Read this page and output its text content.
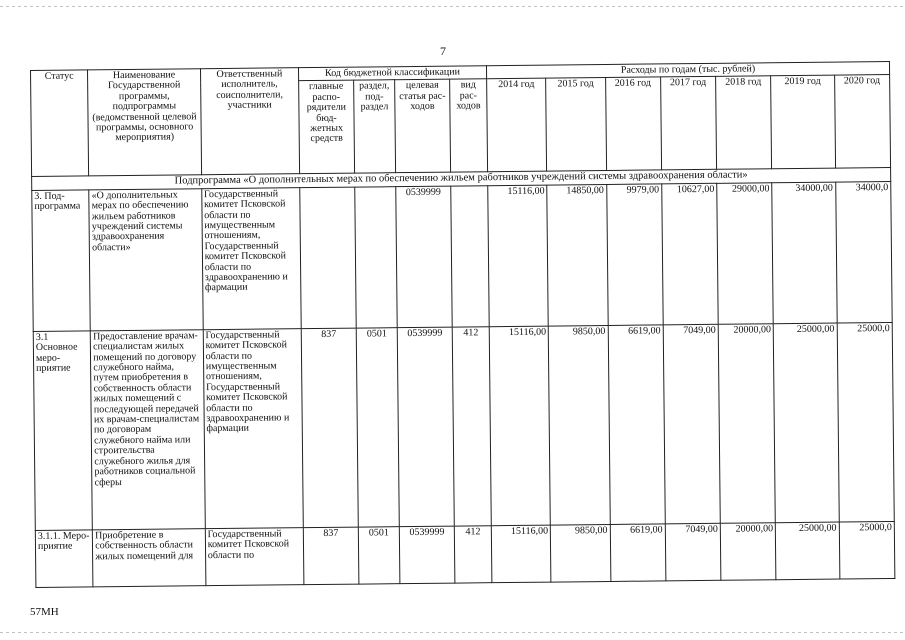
7
Статус	Наименование Государственной программы, подпрограммы (ведомственной целевой программы, основного мероприятия)	Ответственный исполнитель, соисполнители, участники	Код бюджетной классификации				Расходы по годам (тыс. рублей)						
			главные распо-рядители бюд-жетных средств	раздел, под-раздел	целевая статья рас-ходов	вид рас-ходов	2014 год	2015 год	2016 год	2017 год	2018 год	2019 год	2020 год
Подпрограмма «О дополнительных мерах по обеспечению жильем работников учреждений системы здравоохранения области»													
3. Под-программа	«О дополнительных мерах по обеспечению жильем работников учреждений системы здравоохранения области»	Государственный комитет Псковской области по имущественным отношениям, Государственный комитет Псковской области по здравоохранению и фармации			0539999		15116,00	14850,00	9979,00	10627,00	29000,00	34000,00	34000,0
3.1 Основное меро-приятие	Предоставление врачам-специалистам жилых помещений по договору служебного найма, путем приобретения в собственность области жилых помещений с последующей передачей их врачам-специалистам по договорам служебного найма или строительства служебного жилья для работников социальной сферы	Государственный комитет Псковской области по имущественным отношениям, Государственный комитет Псковской области по здравоохранению и фармации	837	0501	0539999	412	15116,00	9850,00	6619,00	7049,00	20000,00	25000,00	25000,0
3.1.1. Меро-приятие	Приобретение в собственность области жилых помещений для	Государственный комитет Псковской области по	837	0501	0539999	412	15116,00	9850,00	6619,00	7049,00	20000,00	25000,00	25000,0
57МН
